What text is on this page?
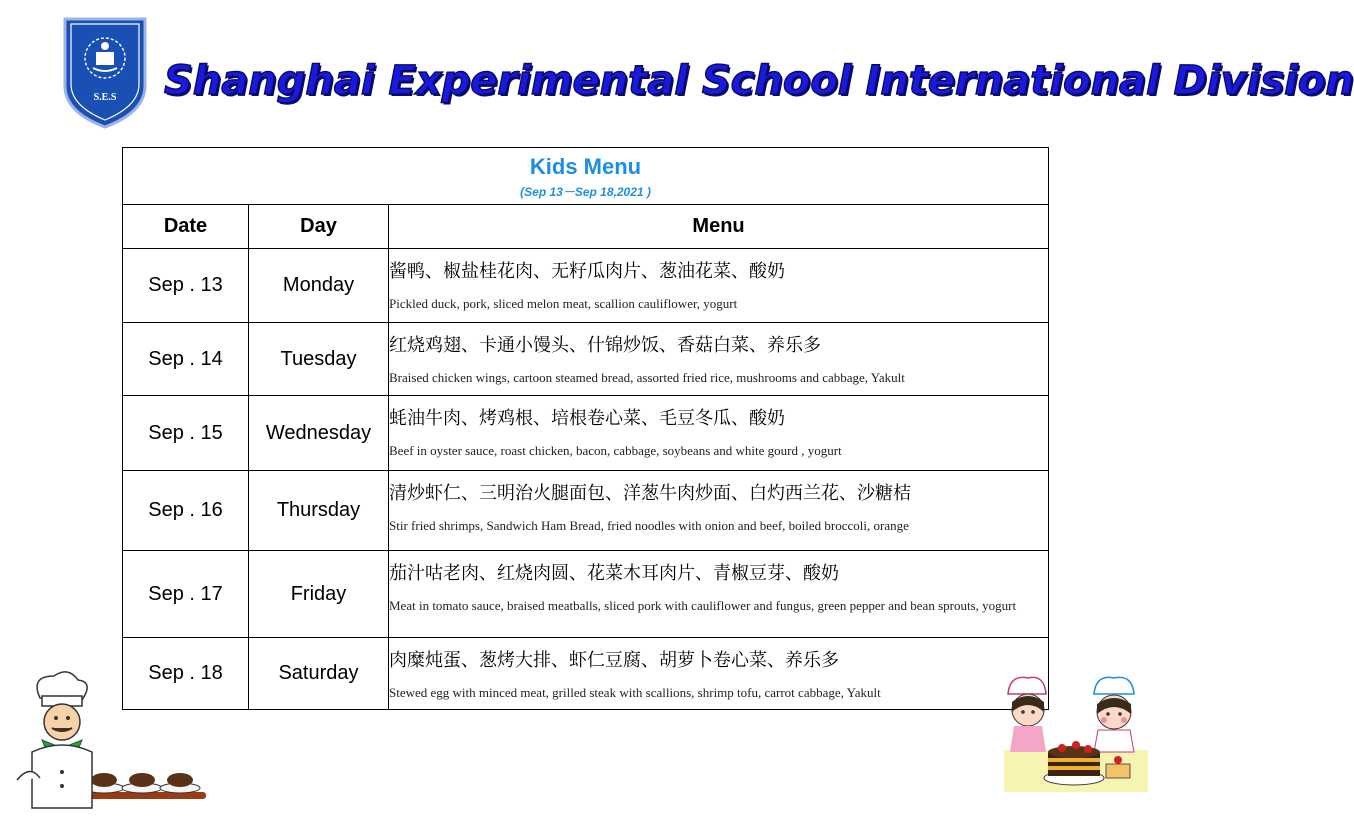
S.E.S	Shanghai Experimental School International Division
Kids Menu
(Sep 13－Sep 18,2021 )		

Date	Day	Menu
Sep . 13	Monday	酱鸭、椒盐桂花肉、无籽瓜肉片、葱油花菜、酸奶
Pickled duck, pork, sliced melon meat, scallion cauliflower, yogurt

Sep . 14	Tuesday	红烧鸡翅、卡通小馒头、什锦炒饭、香菇白菜、养乐多
Braised chicken wings, cartoon steamed bread, assorted fried rice, mushrooms and cabbage, Yakult

Sep . 15	Wednesday	蚝油牛肉、烤鸡根、培根卷心菜、毛豆冬瓜、酸奶
Beef in oyster sauce, roast chicken, bacon, cabbage, soybeans and white gourd , yogurt

Sep . 16	Thursday	清炒虾仁、三明治火腿面包、洋葱牛肉炒面、白灼西兰花、沙糖桔
Stir fried shrimps, Sandwich Ham Bread, fried noodles with onion and beef, boiled broccoli, orange

Sep . 17	Friday	茄汁咕老肉、红烧肉圆、花菜木耳肉片、青椒豆芽、酸奶
Meat in tomato sauce, braised meatballs, sliced pork with cauliflower and fungus, green pepper and bean sprouts, yogurt

Sep . 18	Saturday	肉糜炖蛋、葱烤大排、虾仁豆腐、胡萝卜卷心菜、养乐多
Stewed egg with minced meat, grilled steak with scallions, shrimp tofu, carrot cabbage, Yakult
